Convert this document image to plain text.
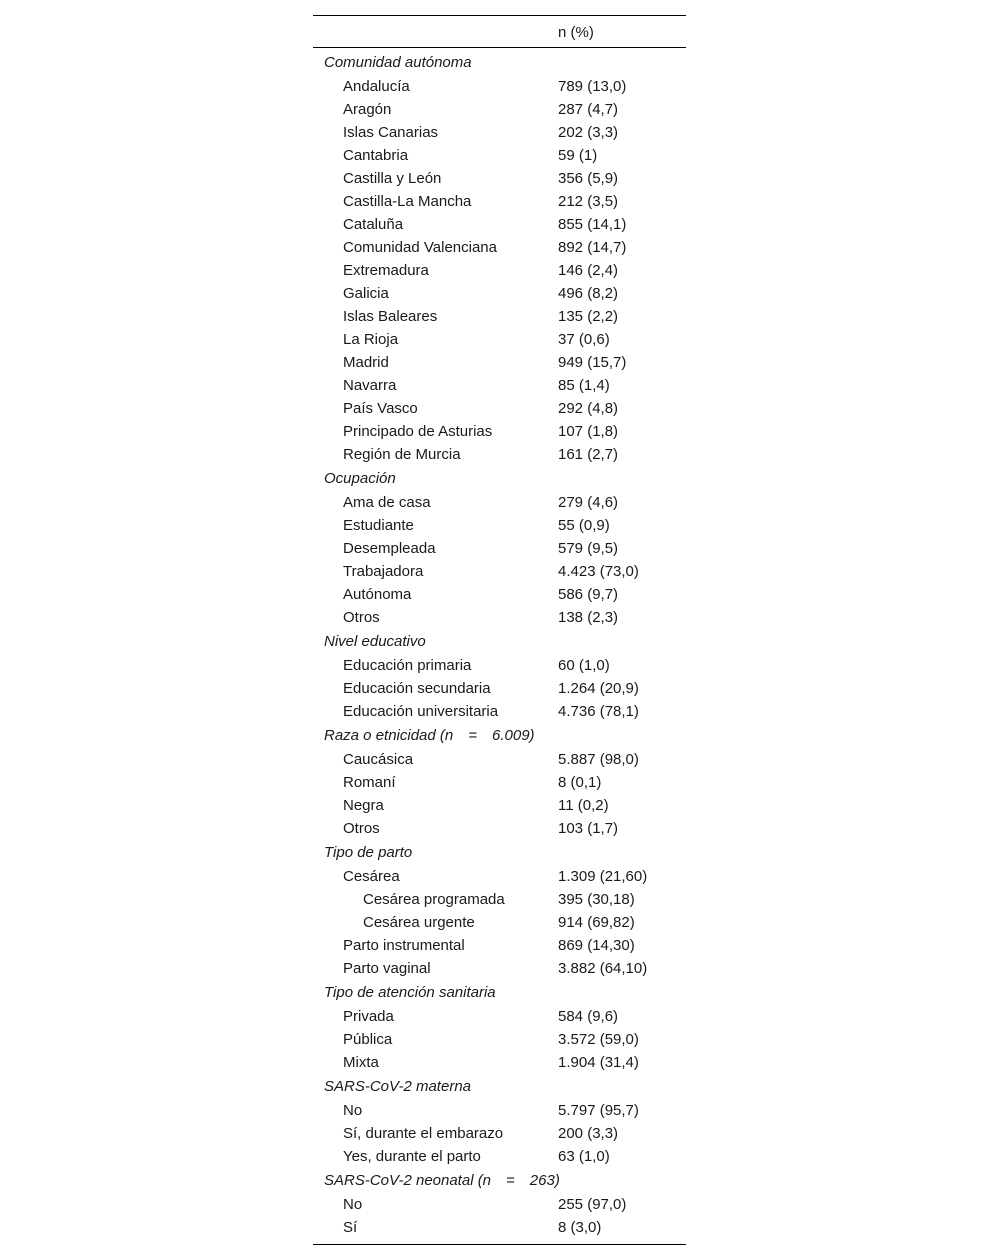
n (%)
Comunidad autónoma
Andalucía	789 (13,0)
Aragón	287 (4,7)
Islas Canarias	202 (3,3)
Cantabria	59 (1)
Castilla y León	356 (5,9)
Castilla-La Mancha	212 (3,5)
Cataluña	855 (14,1)
Comunidad Valenciana	892 (14,7)
Extremadura	146 (2,4)
Galicia	496 (8,2)
Islas Baleares	135 (2,2)
La Rioja	37 (0,6)
Madrid	949 (15,7)
Navarra	85 (1,4)
País Vasco	292 (4,8)
Principado de Asturias	107 (1,8)
Región de Murcia	161 (2,7)
Ocupación
Ama de casa	279 (4,6)
Estudiante	55 (0,9)
Desempleada	579 (9,5)
Trabajadora	4.423 (73,0)
Autónoma	586 (9,7)
Otros	138 (2,3)
Nivel educativo
Educación primaria	60 (1,0)
Educación secundaria	1.264 (20,9)
Educación universitaria	4.736 (78,1)
Raza o etnicidad (n = 6.009)
Caucásica	5.887 (98,0)
Romaní	8 (0,1)
Negra	11 (0,2)
Otros	103 (1,7)
Tipo de parto
Cesárea	1.309 (21,60)
Cesárea programada	395 (30,18)
Cesárea urgente	914 (69,82)
Parto instrumental	869 (14,30)
Parto vaginal	3.882 (64,10)
Tipo de atención sanitaria
Privada	584 (9,6)
Pública	3.572 (59,0)
Mixta	1.904 (31,4)
SARS-CoV-2 materna
No	5.797 (95,7)
Sí, durante el embarazo	200 (3,3)
Yes, durante el parto	63 (1,0)
SARS-CoV-2 neonatal (n = 263)
No	255 (97,0)
Sí	8 (3,0)
